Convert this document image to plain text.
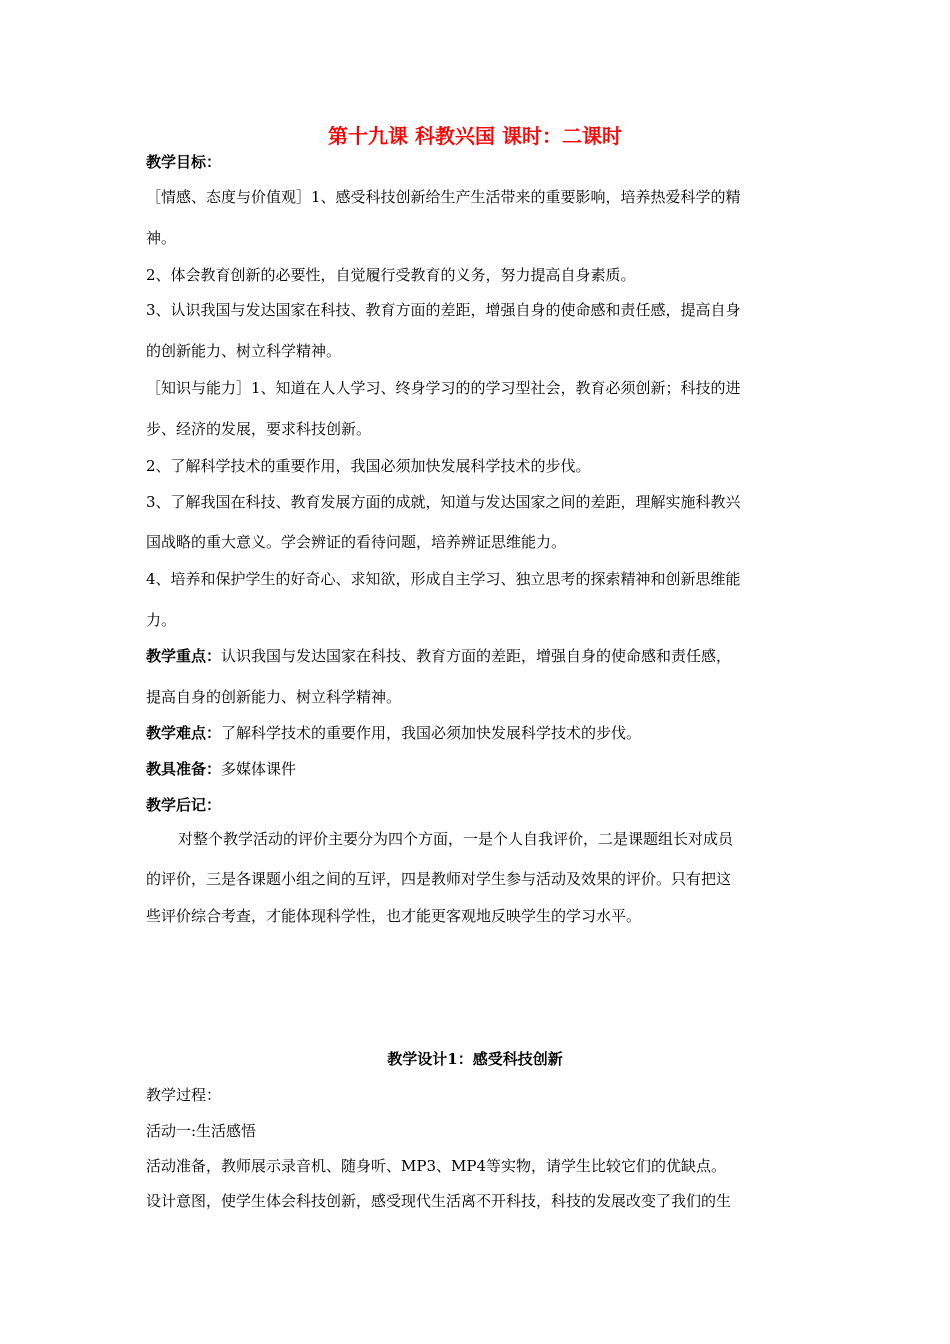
第十九课 科教兴国 课时：二课时
教学目标：
［情感、态度与价值观］1、感受科技创新给生产生活带来的重要影响，培养热爱科学的精
神。
2、体会教育创新的必要性，自觉履行受教育的义务，努力提高自身素质。
3、认识我国与发达国家在科技、教育方面的差距，增强自身的使命感和责任感，提高自身
的创新能力、树立科学精神。
［知识与能力］1、知道在人人学习、终身学习的的学习型社会，教育必须创新；科技的进
步、经济的发展，要求科技创新。
2、了解科学技术的重要作用，我国必须加快发展科学技术的步伐。
3、了解我国在科技、教育发展方面的成就，知道与发达国家之间的差距，理解实施科教兴
国战略的重大意义。学会辨证的看待问题，培养辨证思维能力。
4、培养和保护学生的好奇心、求知欲，形成自主学习、独立思考的探索精神和创新思维能
力。
教学重点：认识我国与发达国家在科技、教育方面的差距，增强自身的使命感和责任感，
提高自身的创新能力、树立科学精神。
教学难点：了解科学技术的重要作用，我国必须加快发展科学技术的步伐。
教具准备：多媒体课件
教学后记：
对整个教学活动的评价主要分为四个方面，一是个人自我评价，二是课题组长对成员
的评价，三是各课题小组之间的互评，四是教师对学生参与活动及效果的评价。只有把这
些评价综合考查，才能体现科学性，也才能更客观地反映学生的学习水平。
教学设计1：感受科技创新
教学过程：
活动一:生活感悟
活动准备，教师展示录音机、随身听、MP3、MP4等实物，请学生比较它们的优缺点。
设计意图，使学生体会科技创新，感受现代生活离不开科技，科技的发展改变了我们的生
